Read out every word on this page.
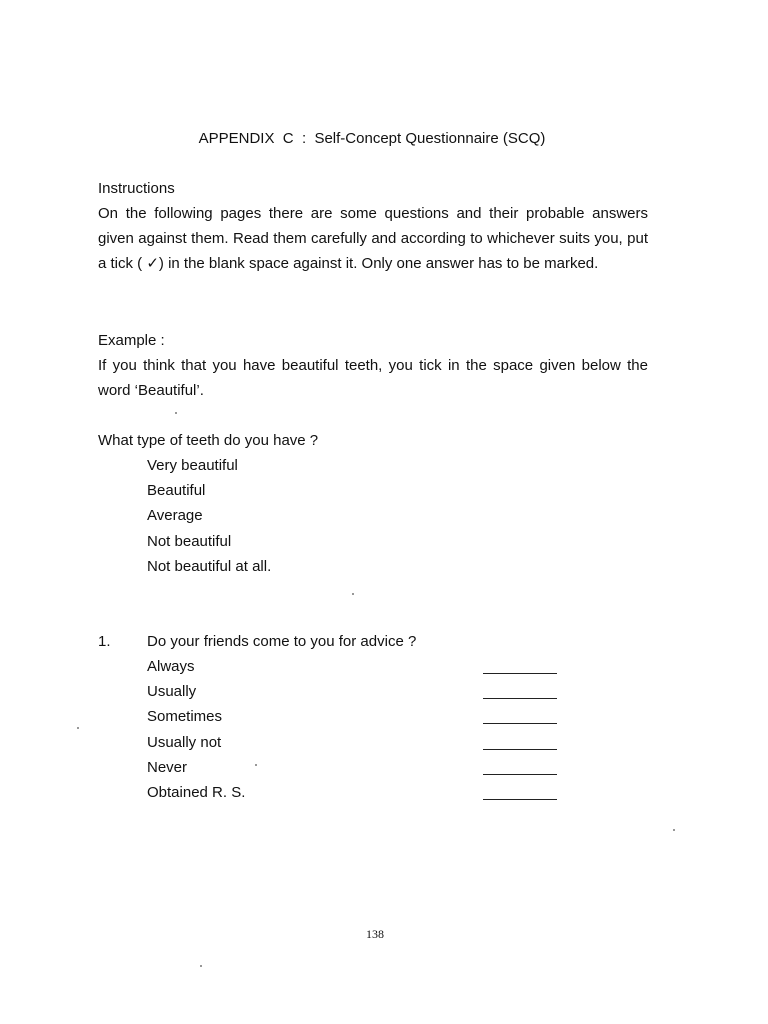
APPENDIX  C  :  Self-Concept Questionnaire (SCQ)
Instructions
On the following pages there are some questions and their probable answers given against them. Read them carefully and according to whichever suits you, put a tick ( ✓) in the blank space against it. Only one answer has to be marked.
Example :
If you think that you have beautiful teeth, you tick in the space given below the word ‘Beautiful’.
What type of teeth do you have ?
Very beautiful
Beautiful
Average
Not beautiful
Not beautiful at all.
1. Do your friends come to you for advice ?
Always
Usually
Sometimes
Usually not
Never
Obtained R. S.
138
